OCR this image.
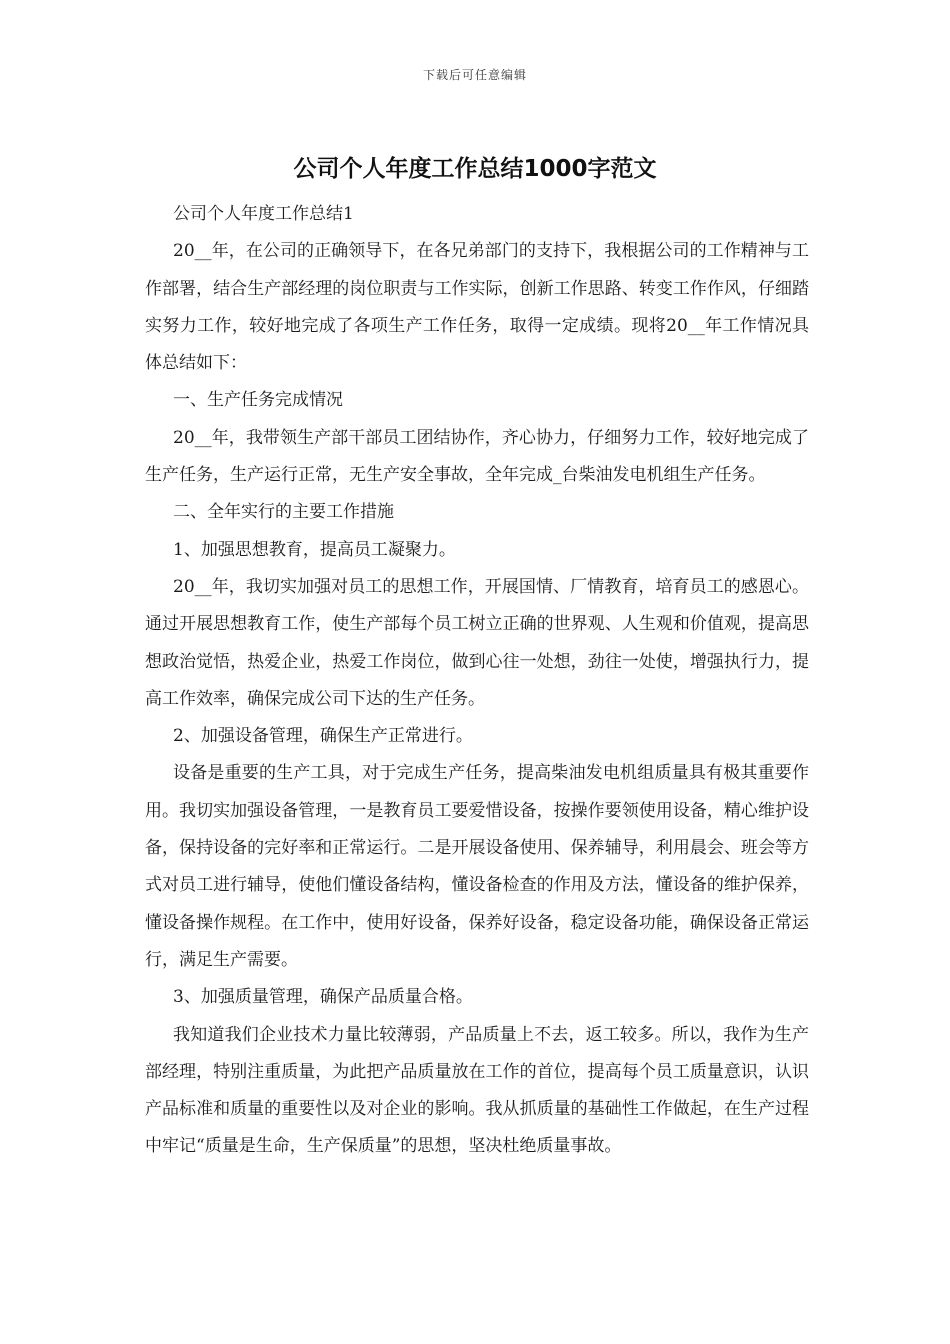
下载后可任意编辑
公司个人年度工作总结1000字范文

公司个人年度工作总结1

20__年，在公司的正确领导下，在各兄弟部门的支持下，我根据公司的工作精神与工作部署，结合生产部经理的岗位职责与工作实际，创新工作思路、转变工作作风，仔细踏实努力工作，较好地完成了各项生产工作任务，取得一定成绩。现将20__年工作情况具体总结如下：

一、生产任务完成情况

20__年，我带领生产部干部员工团结协作，齐心协力，仔细努力工作，较好地完成了生产任务，生产运行正常，无生产安全事故，全年完成_台柴油发电机组生产任务。

二、全年实行的主要工作措施

1、加强思想教育，提高员工凝聚力。

20__年，我切实加强对员工的思想工作，开展国情、厂情教育，培育员工的感恩心。通过开展思想教育工作，使生产部每个员工树立正确的世界观、人生观和价值观，提高思想政治觉悟，热爱企业，热爱工作岗位，做到心往一处想，劲往一处使，增强执行力，提高工作效率，确保完成公司下达的生产任务。

2、加强设备管理，确保生产正常进行。

设备是重要的生产工具，对于完成生产任务，提高柴油发电机组质量具有极其重要作用。我切实加强设备管理，一是教育员工要爱惜设备，按操作要领使用设备，精心维护设备，保持设备的完好率和正常运行。二是开展设备使用、保养辅导，利用晨会、班会等方式对员工进行辅导，使他们懂设备结构，懂设备检查的作用及方法，懂设备的维护保养，懂设备操作规程。在工作中，使用好设备，保养好设备，稳定设备功能，确保设备正常运行，满足生产需要。

3、加强质量管理，确保产品质量合格。

我知道我们企业技术力量比较薄弱，产品质量上不去，返工较多。所以，我作为生产部经理，特别注重质量，为此把产品质量放在工作的首位，提高每个员工质量意识，认识产品标准和质量的重要性以及对企业的影响。我从抓质量的基础性工作做起，在生产过程中牢记“质量是生命，生产保质量”的思想，坚决杜绝质量事故。
